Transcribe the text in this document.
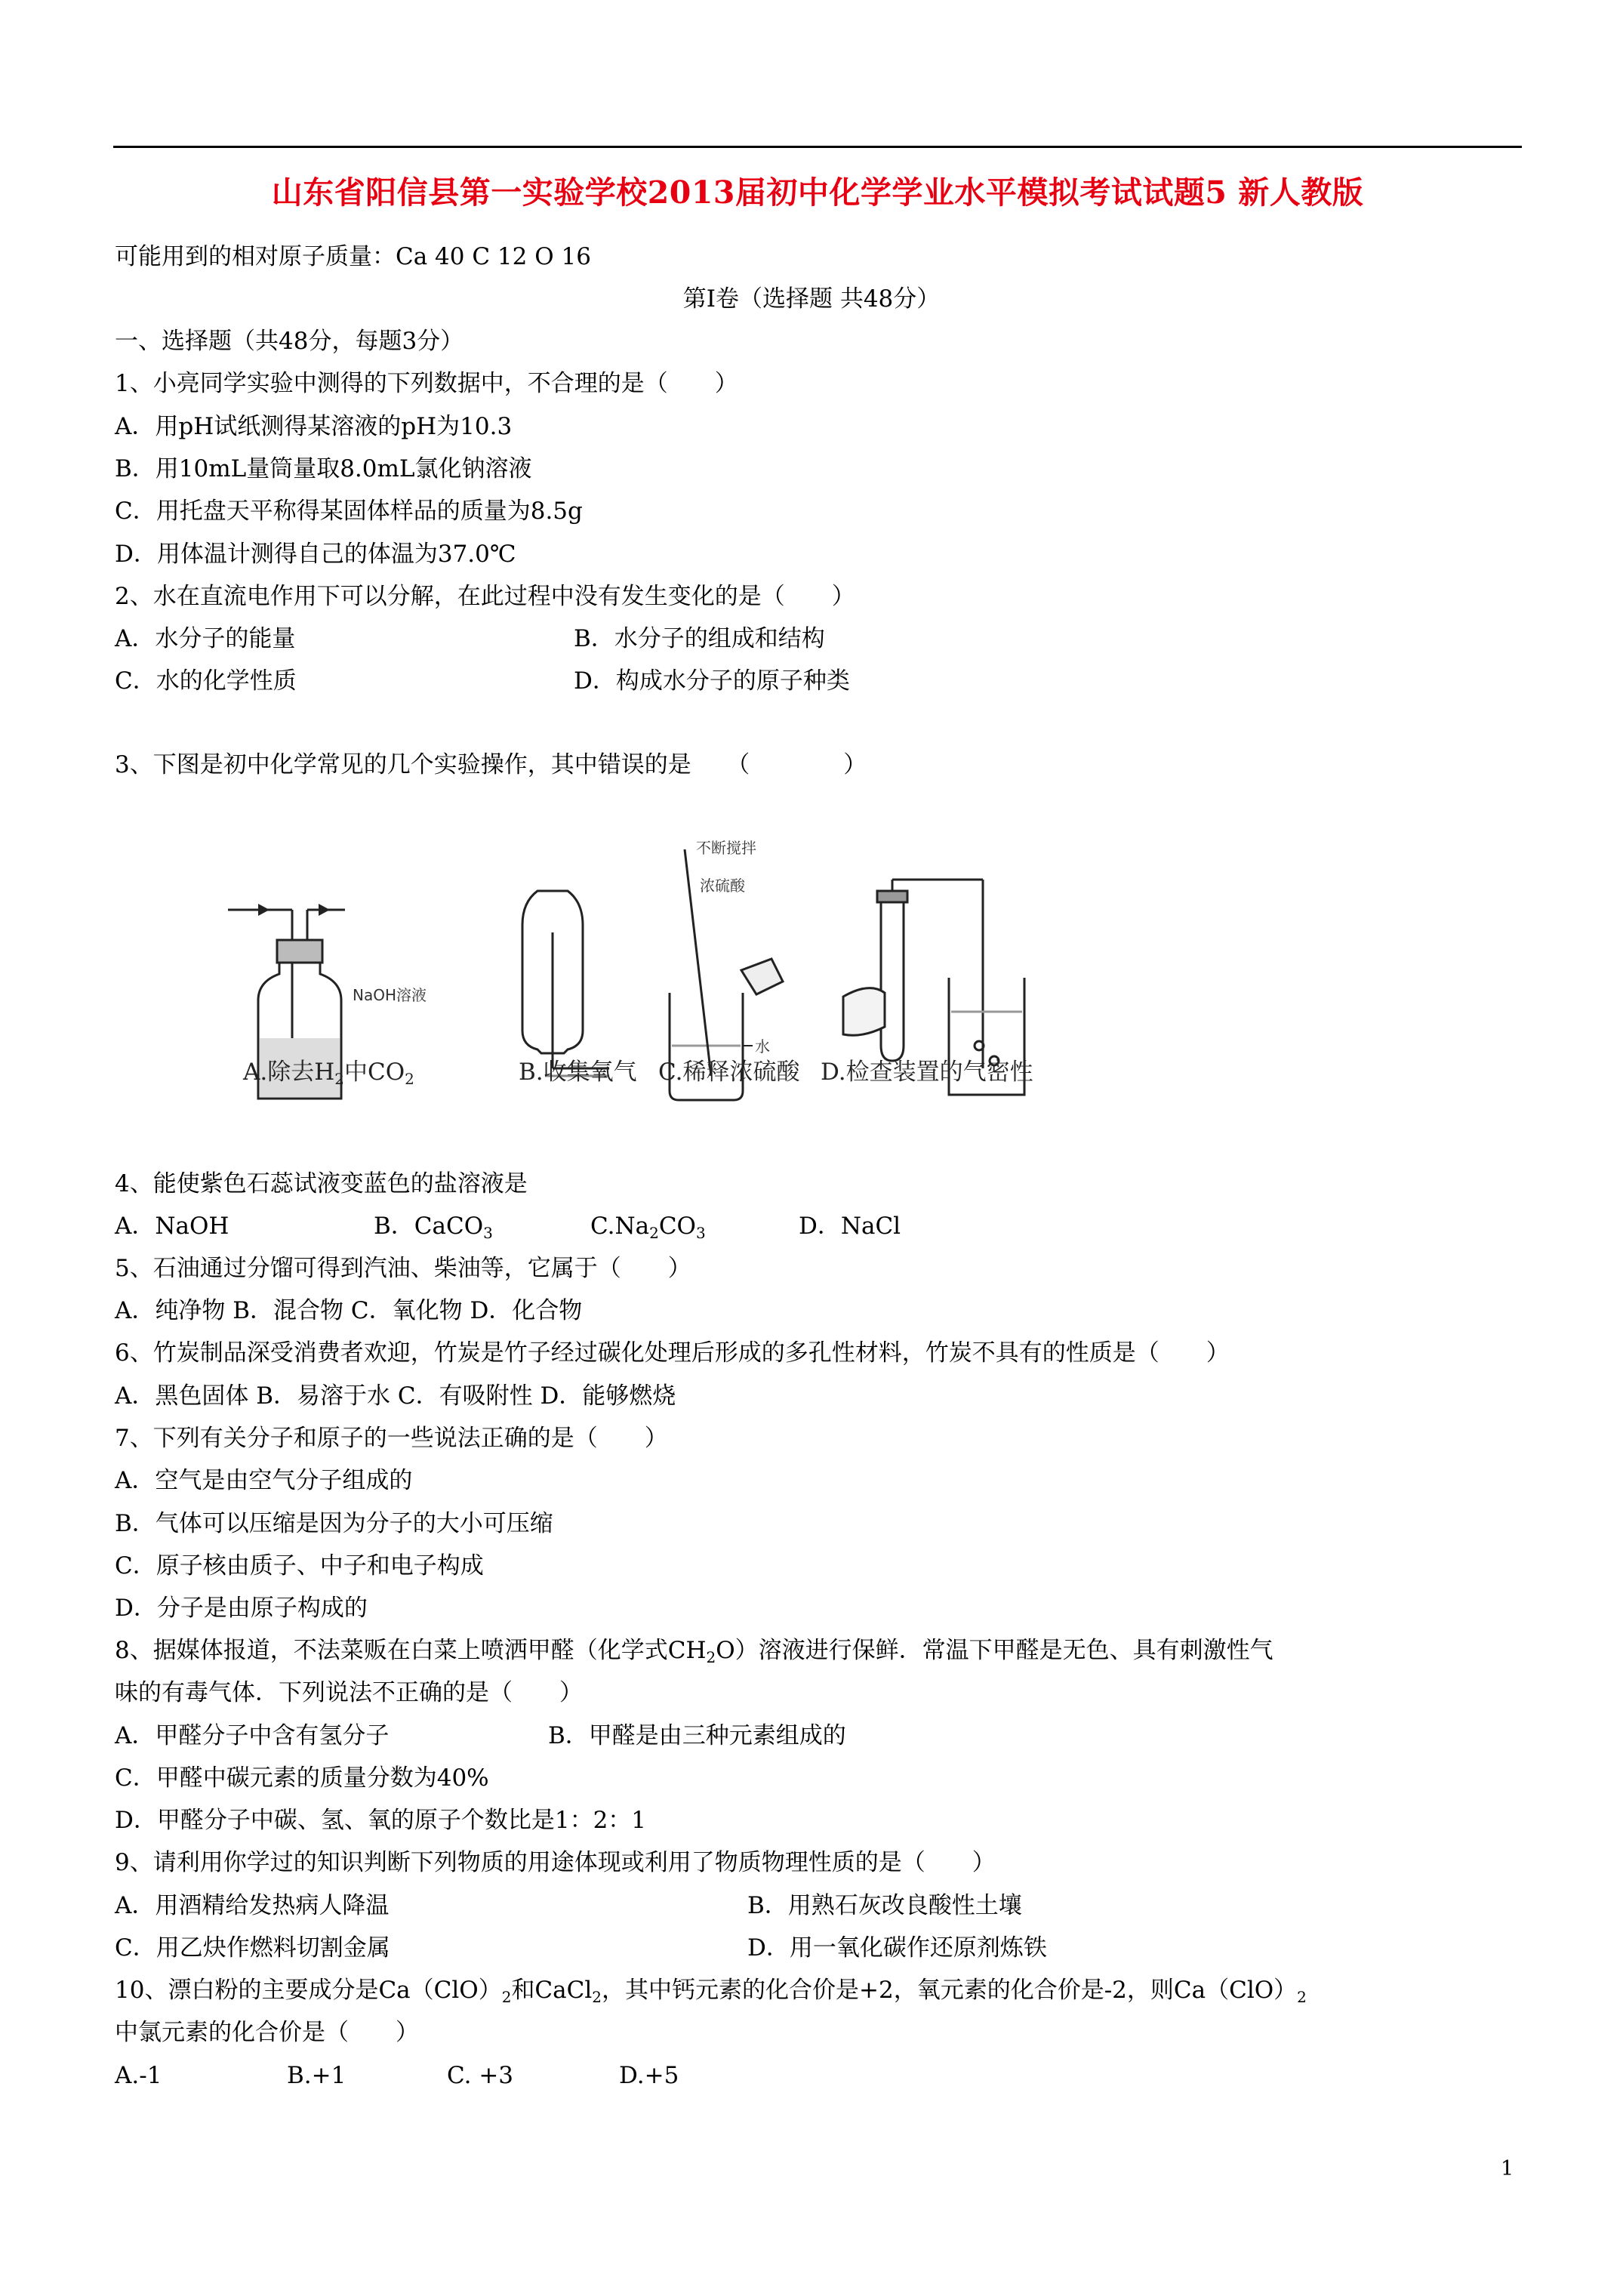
山东省阳信县第一实验学校2013届初中化学学业水平模拟考试试题5 新人教版
可能用到的相对原子质量：Ca 40 C 12 O 16
第Ⅰ卷（选择题 共48分）
一、选择题（共48分，每题3分）
1、小亮同学实验中测得的下列数据中，不合理的是（　　）
A．用pH试纸测得某溶液的pH为10.3
B．用10mL量筒量取8.0mL氯化钠溶液
C．用托盘天平称得某固体样品的质量为8.5g
D．用体温计测得自己的体温为37.0℃
2、水在直流电作用下可以分解，在此过程中没有发生变化的是（　　）
A．水分子的能量	B．水分子的组成和结构
C．水的化学性质	D．构成水分子的原子种类
3、下图是初中化学常见的几个实验操作，其中错误的是　　（　　　　）
NaOH溶液
不断搅拌
浓硫酸
水
A.除去H2中CO2	B.收集氧气 C.稀释浓硫酸 D.检查装置的气密性
4、能使紫色石蕊试液变蓝色的盐溶液是
A．NaOH	B．CaCO$_3$	$C.Na_2CO_3$	D．NaCl
5、石油通过分馏可得到汽油、柴油等，它属于（　　）
A．纯净物 B．混合物 C．氧化物 D．化合物
6、竹炭制品深受消费者欢迎，竹炭是竹子经过碳化处理后形成的多孔性材料，竹炭不具有的性质是（　　）
A．黑色固体 B．易溶于水 C．有吸附性 D．能够燃烧
7、下列有关分子和原子的一些说法正确的是（　　）
A．空气是由空气分子组成的
B．气体可以压缩是因为分子的大小可压缩
C．原子核由质子、中子和电子构成
D．分子是由原子构成的
8、据媒体报道，不法菜贩在白菜上喷洒甲醛（化学式$CH_2O$）溶液进行保鲜．常温下甲醛是无色、具有刺激性气
味的有毒气体．下列说法不正确的是（　　）
A．甲醛分子中含有氢分子	B．甲醛是由三种元素组成的
C．甲醛中碳元素的质量分数为40%
D．甲醛分子中碳、氢、氧的原子个数比是1：2：1
9、请利用你学过的知识判断下列物质的用途体现或利用了物质物理性质的是（　　）
A．用酒精给发热病人降温	B．用熟石灰改良酸性土壤
C．用乙炔作燃料切割金属	D．用一氧化碳作还原剂炼铁
10、漂白粉的主要成分是$Ca(ClO)_2$和CaCl$_2$，其中钙元素的化合价是+2，氧元素的化合价是-2，则$Ca(ClO)_2$
中氯元素的化合价是（　　）
A.-1	B.+1	C. +3	D.+5
1
